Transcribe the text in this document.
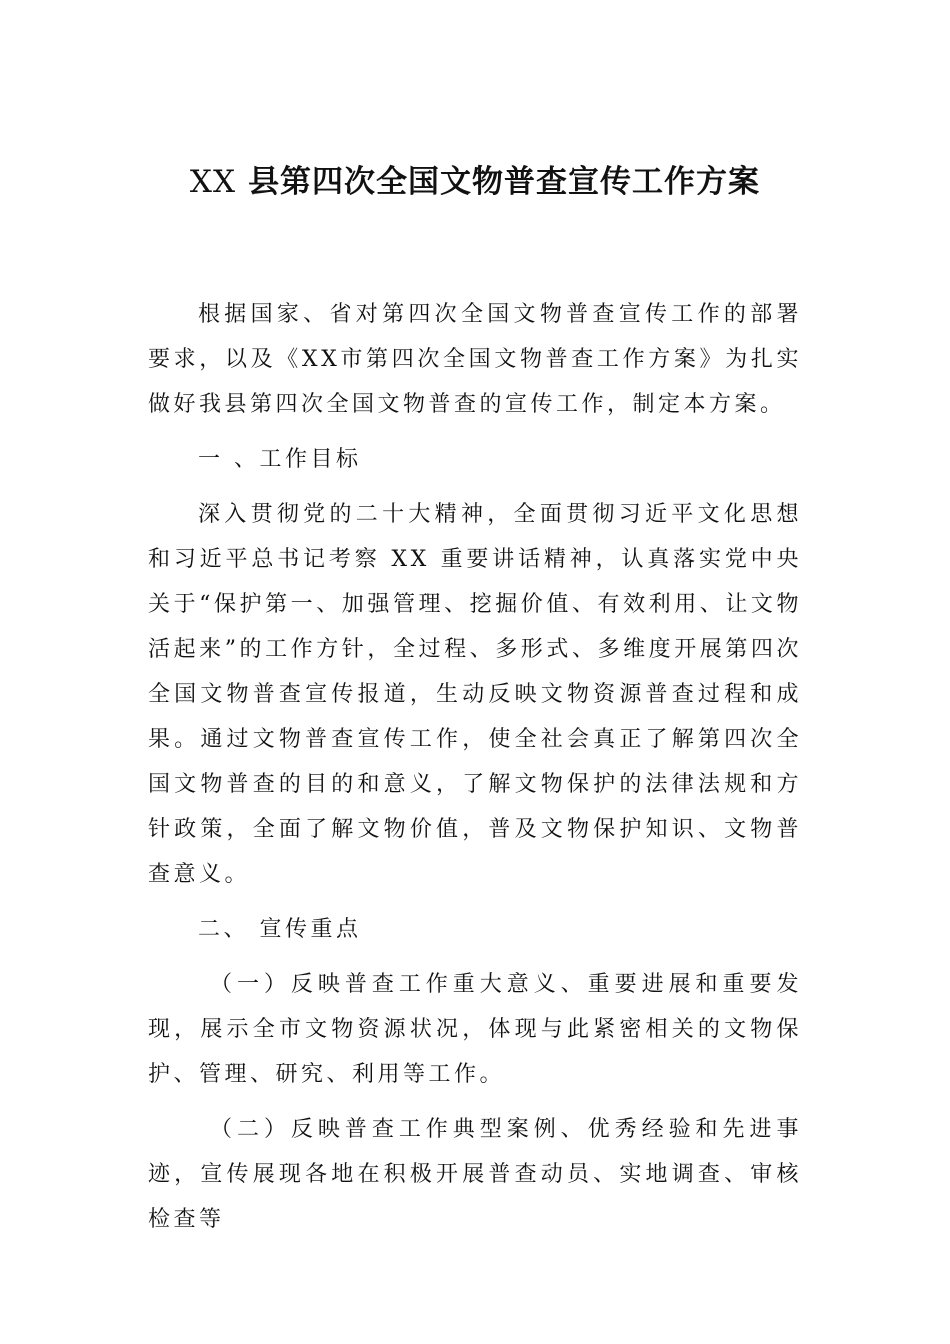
XX 县第四次全国文物普查宣传工作方案

根据国家、省对第四次全国文物普查宣传工作的部署要求，以及《XX市第四次全国文物普查工作方案》为扎实做好我县第四次全国文物普查的宣传工作，制定本方案。

一 、工作目标

深入贯彻党的二十大精神，全面贯彻习近平文化思想和习近平总书记考察 XX 重要讲话精神，认真落实党中央关于“保护第一、加强管理、挖掘价值、有效利用、让文物活起来”的工作方针，全过程、多形式、多维度开展第四次全国文物普查宣传报道，生动反映文物资源普查过程和成果。通过文物普查宣传工作，使全社会真正了解第四次全国文物普查的目的和意义，了解文物保护的法律法规和方针政策，全面了解文物价值，普及文物保护知识、文物普查意义。

二、 宣传重点

（一）反映普查工作重大意义、重要进展和重要发现，展示全市文物资源状况，体现与此紧密相关的文物保护、管理、研究、利用等工作。

（二）反映普查工作典型案例、优秀经验和先进事迹，宣传展现各地在积极开展普查动员、实地调查、审核检查等
